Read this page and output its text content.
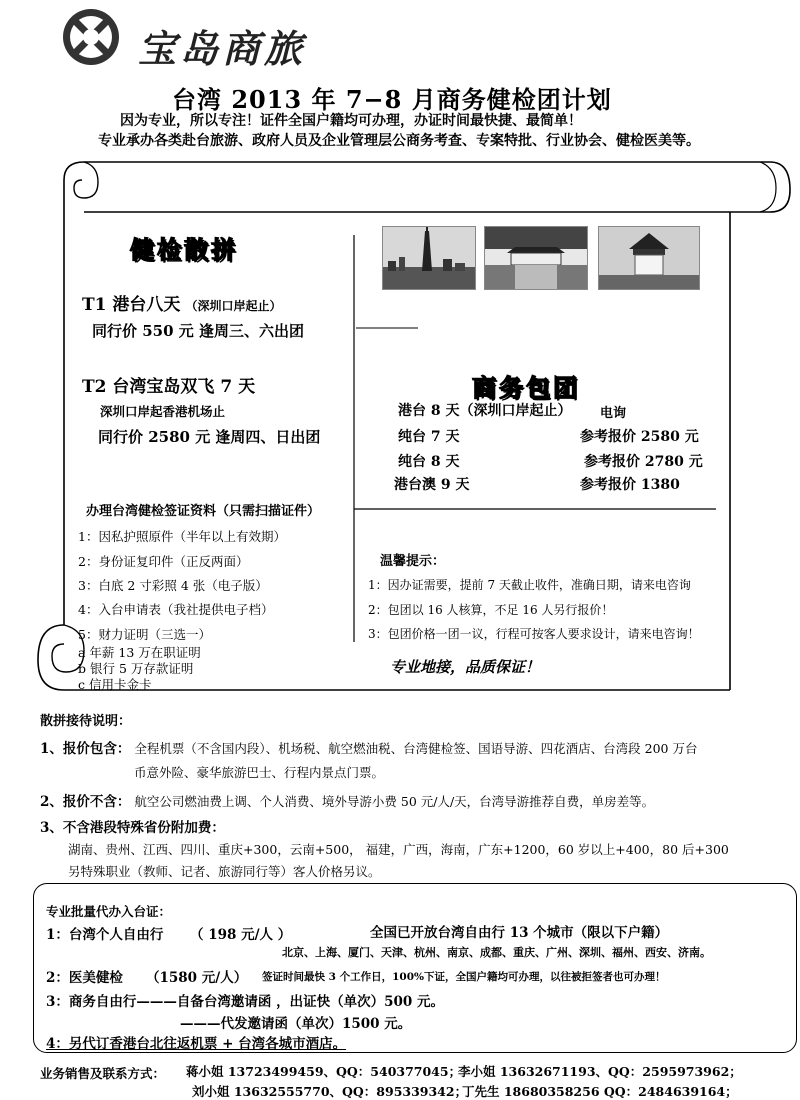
宝岛商旅
台湾 2013 年 7−8 月商务健检团计划
因为专业，所以专注！证件全国户籍均可办理，办证时间最快捷、最简单！
专业承办各类赴台旅游、政府人员及企业管理层公商务考查、专案特批、行业协会、健检医美等。
健检散拼
T1 港台八天 （深圳口岸起止）
同行价 550 元 逢周三、六出团
T2 台湾宝岛双飞 7 天
深圳口岸起香港机场止
同行价 2580 元 逢周四、日出团
办理台湾健检签证资料（只需扫描证件）
1：因私护照原件（半年以上有效期）
2：身份证复印件（正反两面）
3：白底 2 寸彩照 4 张（电子版）
4：入台申请表（我社提供电子档）
5：财力证明（三选一）
a 年薪 13 万在职证明
b 银行 5 万存款证明
c 信用卡金卡
商务包团
港台 8 天（深圳口岸起止） 电询
纯台 7 天	参考报价 2580 元
纯台 8 天	参考报价 2780 元
港台澳 9 天	参考报价 1380
温馨提示：
1：因办证需要，提前 7 天截止收件，准确日期，请来电咨询
2：包团以 16 人核算，不足 16 人另行报价！
3：包团价格一团一议，行程可按客人要求设计，请来电咨询！
专业地接，品质保证！
散拼接待说明：
1、报价包含： 全程机票（不含国内段）、机场税、航空燃油税、台湾健检签、国语导游、四花酒店、台湾段 200 万台
币意外险、豪华旅游巴士、行程内景点门票。
2、报价不含： 航空公司燃油费上调、个人消费、境外导游小费 50 元/人/天，台湾导游推荐自费，单房差等。
3、不含港段特殊省份附加费：
湖南、贵州、江西、四川、重庆+300，云南+500， 福建，广西，海南，广东+1200，60 岁以上+400，80 后+300
另特殊职业（教师、记者、旅游同行等）客人价格另议。
专业批量代办入台证：
1：台湾个人自由行 （ 198 元/人 ）	全国已开放台湾自由行 13 个城市（限以下户籍）
北京、上海、厦门、天津、杭州、南京、成都、重庆、广州、深圳、福州、西安、济南。
2：医美健检 （1580 元/人） 签证时间最快 3 个工作日，100%下证，全国户籍均可办理，以往被拒签者也可办理！
3：商务自由行———自备台湾邀请函 ，出证快（单次）500 元。
———代发邀请函（单次）1500 元。
4：另代订香港台北往返机票 + 台湾各城市酒店。
业务销售及联系方式： 蒋小姐 13723499459、QQ：540377045；
李小姐 13632671193、QQ：2595973962；
刘小姐 13632555770、QQ：895339342；
丁先生 18680358256 QQ：2484639164；
